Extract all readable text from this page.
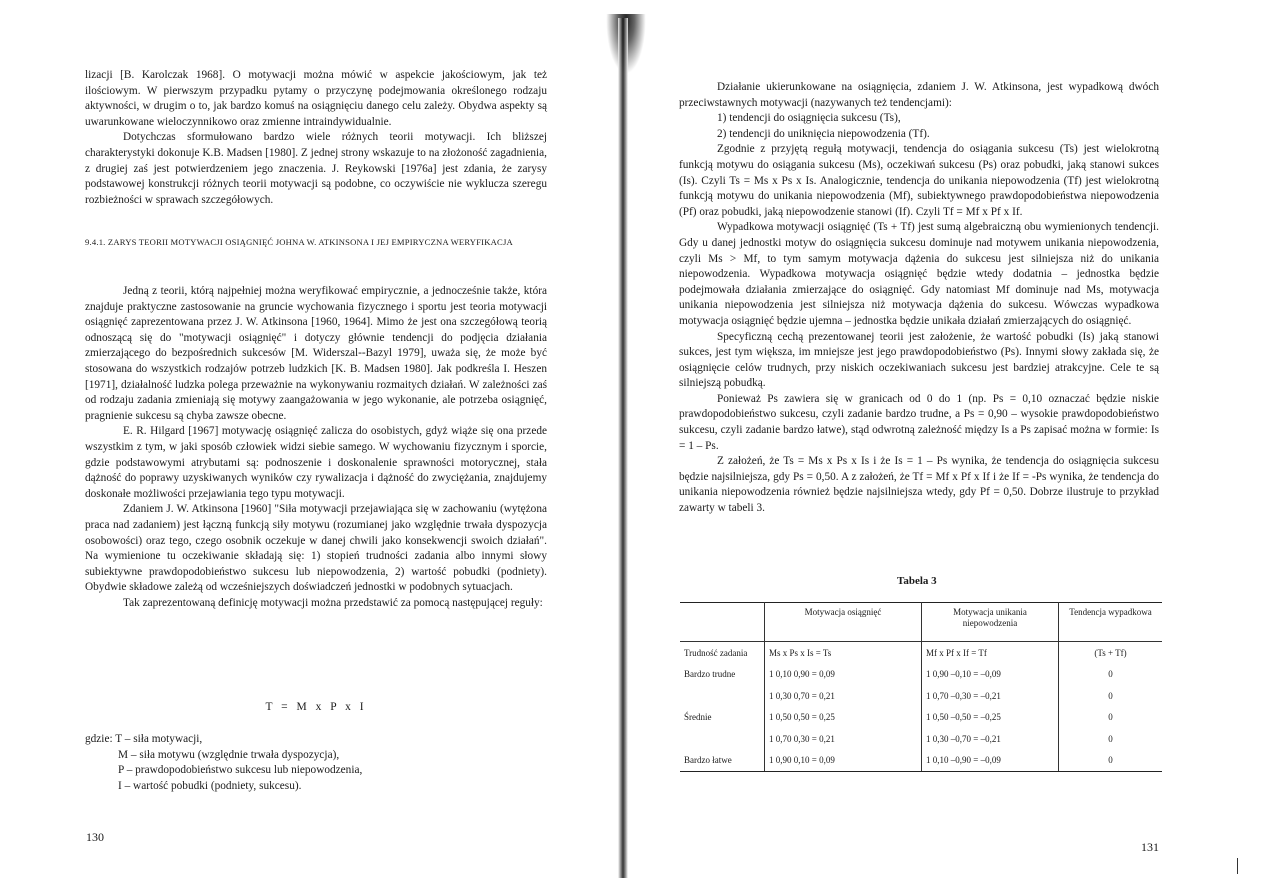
lizacji [B. Karolczak 1968]. O motywacji można mówić w aspekcie jakościowym, jak też ilościowym. W pierwszym przypadku pytamy o przyczynę podejmowania określonego rodzaju aktywności, w drugim o to, jak bardzo komuś na osiągnięciu danego celu zależy. Obydwa aspekty są uwarunkowane wieloczynnikowo oraz zmienne intraindywidualnie.

Dotychczas sformułowano bardzo wiele różnych teorii motywacji. Ich bliższej charakterystyki dokonuje K.B. Madsen [1980]. Z jednej strony wskazuje to na złożoność zagadnienia, z drugiej zaś jest potwierdzeniem jego znaczenia. J. Reykowski [1976a] jest zdania, że zarysy podstawowej konstrukcji różnych teorii motywacji są podobne, co oczywiście nie wyklucza szeregu rozbieżności w sprawach szczegółowych.

9.4.1. ZARYS TEORII MOTYWACJI OSIĄGNIĘĆ JOHNA W. ATKINSONA I JEJ EMPIRYCZNA WERYFIKACJA

Jedną z teorii, którą najpełniej można weryfikować empirycznie, a jednocześnie także, która znajduje praktyczne zastosowanie na gruncie wychowania fizycznego i sportu jest teoria motywacji osiągnięć zaprezentowana przez J. W. Atkinsona [1960, 1964]. Mimo że jest ona szczegółową teorią odnoszącą się do "motywacji osiągnięć" i dotyczy głównie tendencji do podjęcia działania zmierzającego do bezpośrednich sukcesów [M. Widerszal--Bazyl 1979], uważa się, że może być stosowana do wszystkich rodzajów potrzeb ludzkich [K. B. Madsen 1980]. Jak podkreśla I. Heszen [1971], działalność ludzka polega przeważnie na wykonywaniu rozmaitych działań. W zależności zaś od rodzaju zadania zmieniają się motywy zaangażowania w jego wykonanie, ale potrzeba osiągnięć, pragnienie sukcesu są chyba zawsze obecne.

E. R. Hilgard [1967] motywację osiągnięć zalicza do osobistych, gdyż wiąże się ona przede wszystkim z tym, w jaki sposób człowiek widzi siebie samego. W wychowaniu fizycznym i sporcie, gdzie podstawowymi atrybutami są: podnoszenie i doskonalenie sprawności motorycznej, stała dążność do poprawy uzyskiwanych wyników czy rywalizacja i dążność do zwyciężania, znajdujemy doskonałe możliwości przejawiania tego typu motywacji.

Zdaniem J. W. Atkinsona [1960] "Siła motywacji przejawiająca się w zachowaniu (wytężona praca nad zadaniem) jest łączną funkcją siły motywu (rozumianej jako względnie trwała dyspozycja osobowości) oraz tego, czego osobnik oczekuje w danej chwili jako konsekwencji swoich działań". Na wymienione tu oczekiwanie składają się: 1) stopień trudności zadania albo innymi słowy subiektywne prawdopodobieństwo sukcesu lub niepowodzenia, 2) wartość pobudki (podniety). Obydwie składowe zależą od wcześniejszych doświadczeń jednostki w podobnych sytuacjach.

Tak zaprezentowaną definicję motywacji można przedstawić za pomocą następującej reguły:

T = M x P x I

gdzie: T – siła motywacji,

M – siła motywu (względnie trwała dyspozycja),

P – prawdopodobieństwo sukcesu lub niepowodzenia,

I – wartość pobudki (podniety, sukcesu).

130

Działanie ukierunkowane na osiągnięcia, zdaniem J. W. Atkinsona, jest wypadkową dwóch przeciwstawnych motywacji (nazywanych też tendencjami):

1) tendencji do osiągnięcia sukcesu (Ts),

2) tendencji do uniknięcia niepowodzenia (Tf).

Zgodnie z przyjętą regułą motywacji, tendencja do osiągania sukcesu (Ts) jest wielokrotną funkcją motywu do osiągania sukcesu (Ms), oczekiwań sukcesu (Ps) oraz pobudki, jaką stanowi sukces (Is). Czyli Ts = Ms x Ps x Is. Analogicznie, tendencja do unikania niepowodzenia (Tf) jest wielokrotną funkcją motywu do unikania niepowodzenia (Mf), subiektywnego prawdopodobieństwa niepowodzenia (Pf) oraz pobudki, jaką niepowodzenie stanowi (If). Czyli Tf = Mf x Pf x If.

Wypadkowa motywacji osiągnięć (Ts + Tf) jest sumą algebraiczną obu wymienionych tendencji. Gdy u danej jednostki motyw do osiągnięcia sukcesu dominuje nad motywem unikania niepowodzenia, czyli Ms > Mf, to tym samym motywacja dążenia do sukcesu jest silniejsza niż do unikania niepowodzenia. Wypadkowa motywacja osiągnięć będzie wtedy dodatnia – jednostka będzie podejmowała działania zmierzające do osiągnięć. Gdy natomiast Mf dominuje nad Ms, motywacja unikania niepowodzenia jest silniejsza niż motywacja dążenia do sukcesu. Wówczas wypadkowa motywacja osiągnięć będzie ujemna – jednostka będzie unikała działań zmierzających do osiągnięć.

Specyficzną cechą prezentowanej teorii jest założenie, że wartość pobudki (Is) jaką stanowi sukces, jest tym większa, im mniejsze jest jego prawdopodobieństwo (Ps). Innymi słowy zakłada się, że osiągnięcie celów trudnych, przy niskich oczekiwaniach sukcesu jest bardziej atrakcyjne. Cele te są silniejszą pobudką.

Ponieważ Ps zawiera się w granicach od 0 do 1 (np. Ps = 0,10 oznaczać będzie niskie prawdopodobieństwo sukcesu, czyli zadanie bardzo trudne, a Ps = 0,90 – wysokie prawdopodobieństwo sukcesu, czyli zadanie bardzo łatwe), stąd odwrotną zależność między Is a Ps zapisać można w formie: Is = 1 – Ps.

Z założeń, że Ts = Ms x Ps x Is i że Is = 1 – Ps wynika, że tendencja do osiągnięcia sukcesu będzie najsilniejsza, gdy Ps = 0,50. A z założeń, że Tf = Mf x Pf x If i że If = -Ps wynika, że tendencja do unikania niepowodzenia również będzie najsilniejsza wtedy, gdy Pf = 0,50. Dobrze ilustruje to przykład zawarty w tabeli 3.

Tabela 3
	Motywacja osiągnięć	Motywacja unikania niepowodzenia	Tendencja wypadkowa
Trudność zadania	Ms x Ps x Is = Ts	Mf x Pf x If = Tf	(Ts + Tf)
Bardzo trudne	1 0,10 0,90 = 0,09	1 0,90 –0,10 = –0,09	0
	1 0,30 0,70 = 0,21	1 0,70 –0,30 = –0,21	0
Średnie	1 0,50 0,50 = 0,25	1 0,50 –0,50 = –0,25	0
	1 0,70 0,30 = 0,21	1 0,30 –0,70 = –0,21	0
Bardzo łatwe	1 0,90 0,10 = 0,09	1 0,10 –0,90 = –0,09	0
131
